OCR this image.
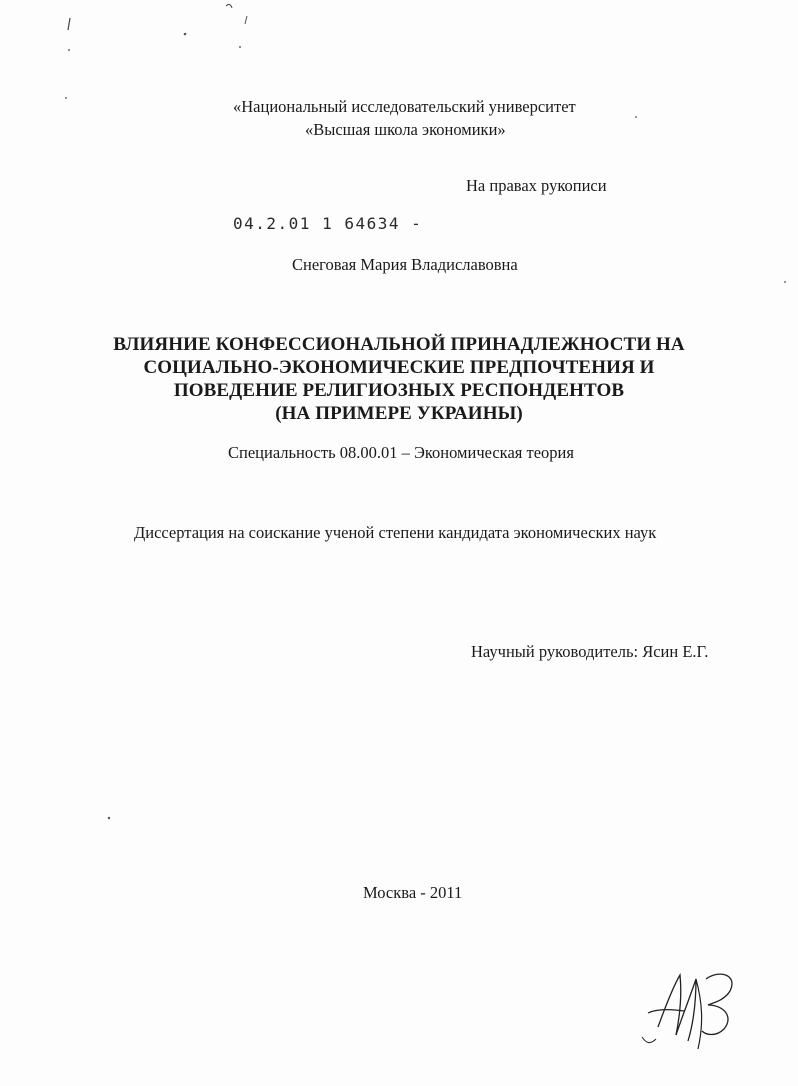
«Национальный исследовательский университет
«Высшая школа экономики»
На правах рукописи
04.2.01 1 64634 -
Снеговая Мария Владиславовна
ВЛИЯНИЕ КОНФЕССИОНАЛЬНОЙ ПРИНАДЛЕЖНОСТИ НА
СОЦИАЛЬНО-ЭКОНОМИЧЕСКИЕ ПРЕДПОЧТЕНИЯ И
ПОВЕДЕНИЕ РЕЛИГИОЗНЫХ РЕСПОНДЕНТОВ
(НА ПРИМЕРЕ УКРАИНЫ)
Специальность 08.00.01 – Экономическая теория
Диссертация на соискание ученой степени кандидата экономических наук
Научный руководитель: Ясин Е.Г.
Москва - 2011
